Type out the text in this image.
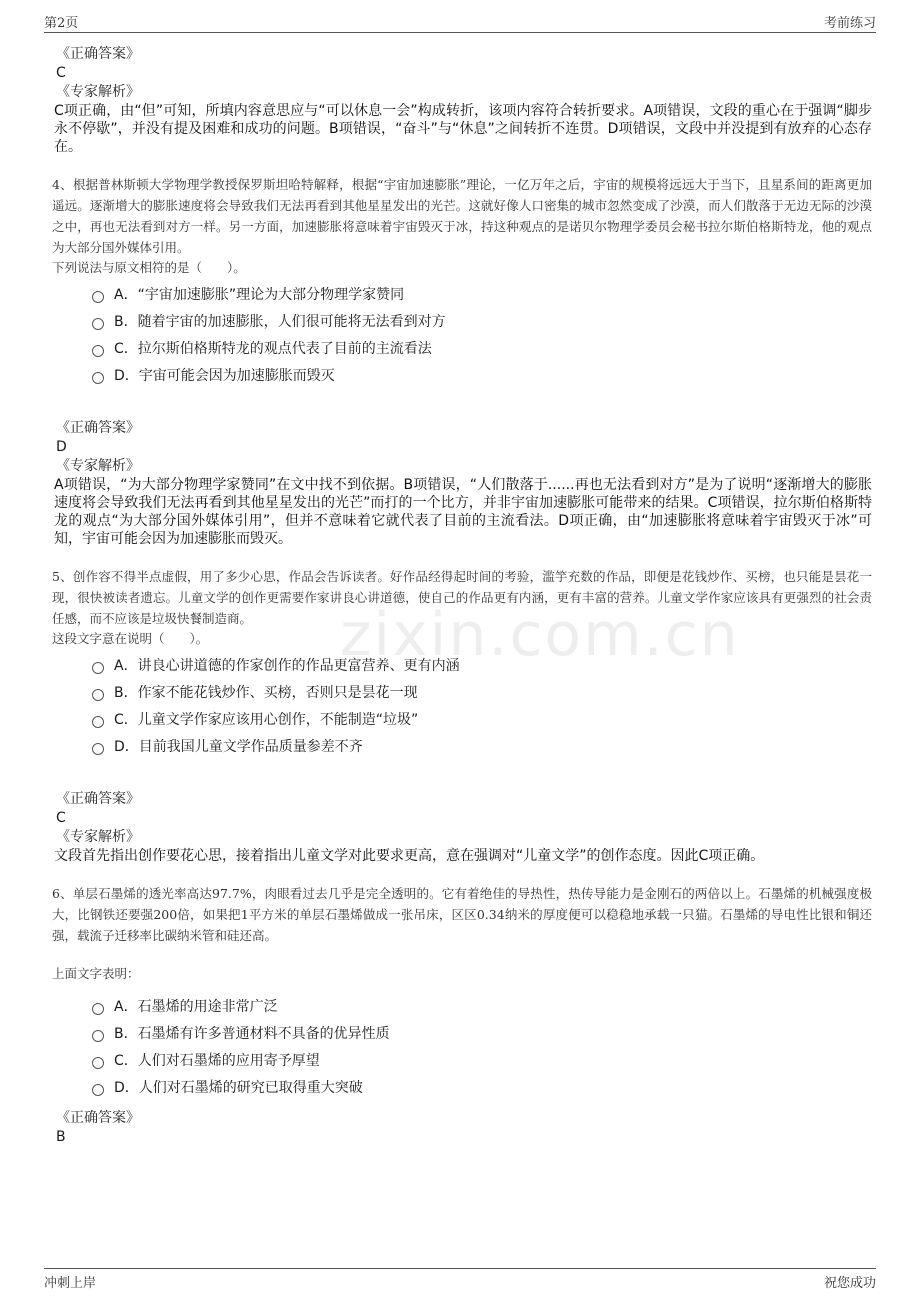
第2页	考前练习
zixin.com.cn
《正确答案》
C
《专家解析》
C项正确，由“但”可知，所填内容意思应与“可以休息一会”构成转折，该项内容符合转折要求。A项错误，文段的重心在于强调“脚步永不停歇”，并没有提及困难和成功的问题。B项错误，“奋斗”与“休息”之间转折不连贯。D项错误，文段中并没提到有放弃的心态存在。
4、根据普林斯顿大学物理学教授保罗斯坦哈特解释，根据“宇宙加速膨胀”理论，一亿万年之后，宇宙的规模将远远大于当下，且星系间的距离更加遥远。逐渐增大的膨胀速度将会导致我们无法再看到其他星星发出的光芒。这就好像人口密集的城市忽然变成了沙漠，而人们散落于无边无际的沙漠之中，再也无法看到对方一样。另一方面，加速膨胀将意味着宇宙毁灭于冰，持这种观点的是诺贝尔物理学委员会秘书拉尔斯伯格斯特龙，他的观点为大部分国外媒体引用。
下列说法与原文相符的是（　　）。
A．“宇宙加速膨胀”理论为大部分物理学家赞同
B．随着宇宙的加速膨胀，人们很可能将无法看到对方
C．拉尔斯伯格斯特龙的观点代表了目前的主流看法
D．宇宙可能会因为加速膨胀而毁灭
《正确答案》
D
《专家解析》
A项错误，“为大部分物理学家赞同”在文中找不到依据。B项错误，“人们散落于......再也无法看到对方”是为了说明“逐渐增大的膨胀速度将会导致我们无法再看到其他星星发出的光芒”而打的一个比方，并非宇宙加速膨胀可能带来的结果。C项错误，拉尔斯伯格斯特龙的观点“为大部分国外媒体引用”，但并不意味着它就代表了目前的主流看法。D项正确，由“加速膨胀将意味着宇宙毁灭于冰”可知，宇宙可能会因为加速膨胀而毁灭。
5、创作容不得半点虚假，用了多少心思，作品会告诉读者。好作品经得起时间的考验，滥竽充数的作品，即便是花钱炒作、买榜，也只能是昙花一现，很快被读者遗忘。儿童文学的创作更需要作家讲良心讲道德，使自己的作品更有内涵，更有丰富的营养。儿童文学作家应该具有更强烈的社会责任感，而不应该是垃圾快餐制造商。
这段文字意在说明（　　）。
A．讲良心讲道德的作家创作的作品更富营养、更有内涵
B．作家不能花钱炒作、买榜，否则只是昙花一现
C．儿童文学作家应该用心创作，不能制造“垃圾”
D．目前我国儿童文学作品质量参差不齐
《正确答案》
C
《专家解析》
文段首先指出创作要花心思，接着指出儿童文学对此要求更高，意在强调对“儿童文学”的创作态度。因此C项正确。
6、单层石墨烯的透光率高达97.7%，肉眼看过去几乎是完全透明的。它有着绝佳的导热性，热传导能力是金刚石的两倍以上。石墨烯的机械强度极大，比钢铁还要强200倍，如果把1平方米的单层石墨烯做成一张吊床，区区0.34纳米的厚度便可以稳稳地承载一只猫。石墨烯的导电性比银和铜还强，载流子迁移率比碳纳米管和硅还高。
上面文字表明：
A．石墨烯的用途非常广泛
B．石墨烯有许多普通材料不具备的优异性质
C．人们对石墨烯的应用寄予厚望
D．人们对石墨烯的研究已取得重大突破
《正确答案》
B
冲刺上岸	祝您成功
